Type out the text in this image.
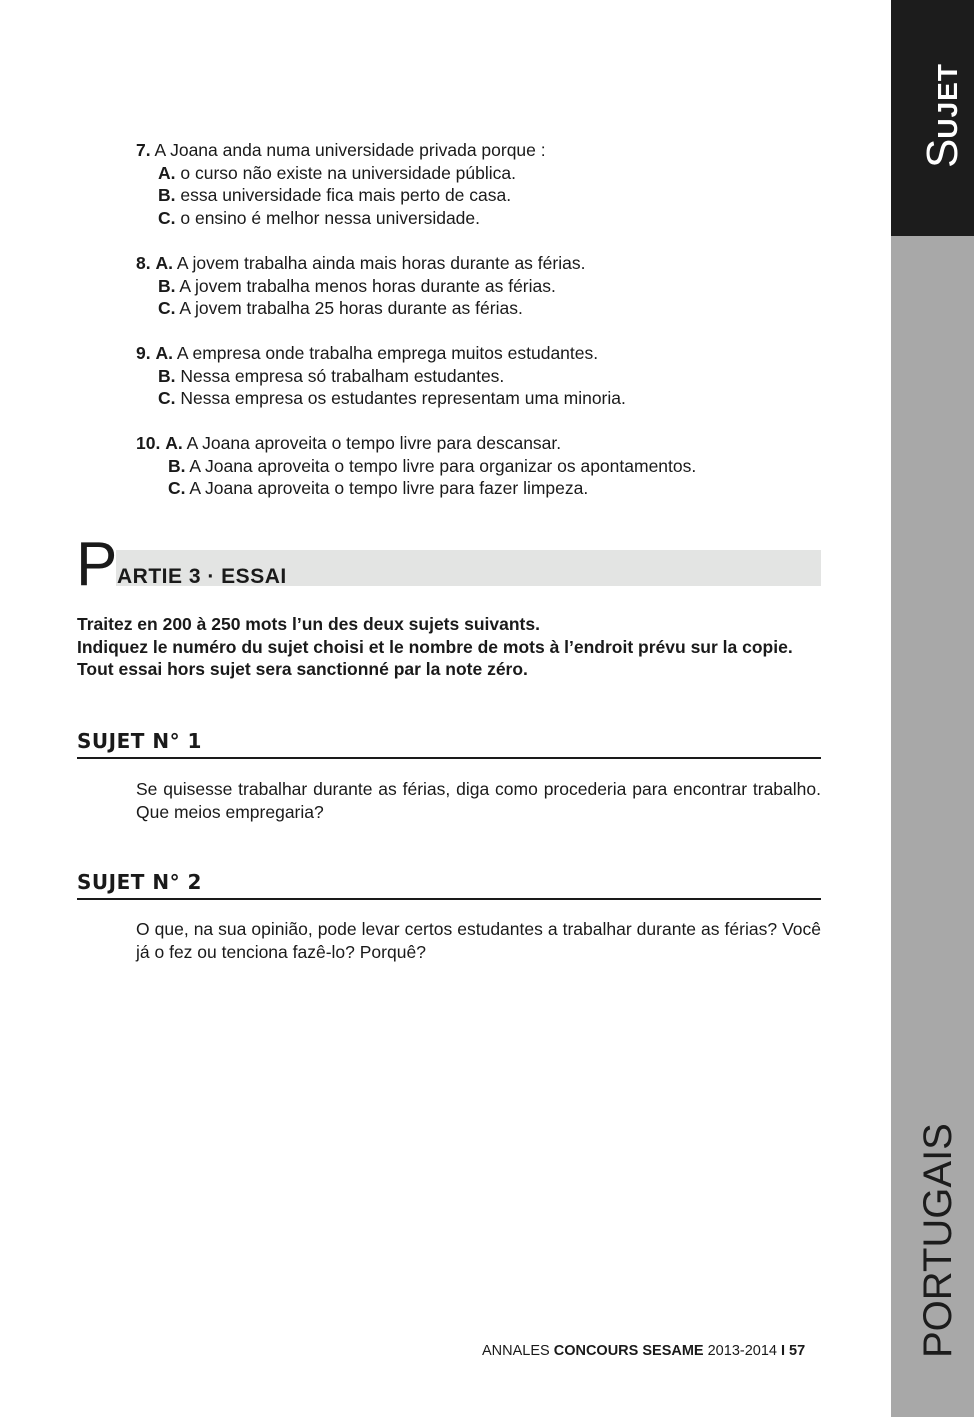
SUJET
PORTUGAIS
7. A Joana anda numa universidade privada porque :
A. o curso não existe na universidade pública.
B. essa universidade fica mais perto de casa.
C. o ensino é melhor nessa universidade.
8. A. A jovem trabalha ainda mais horas durante as férias.
B. A jovem trabalha menos horas durante as férias.
C. A jovem trabalha 25 horas durante as férias.
9. A. A empresa onde trabalha emprega muitos estudantes.
B. Nessa empresa só trabalham estudantes.
C. Nessa empresa os estudantes representam uma minoria.
10. A. A Joana aproveita o tempo livre para descansar.
B. A Joana aproveita o tempo livre para organizar os apontamentos.
C. A Joana aproveita o tempo livre para fazer limpeza.
P ARTIE 3 · ESSAI
Traitez en 200 à 250 mots l’un des deux sujets suivants.
Indiquez le numéro du sujet choisi et le nombre de mots à l’endroit prévu sur la copie.
Tout essai hors sujet sera sanctionné par la note zéro.
SUJET N° 1
Se quisesse trabalhar durante as férias, diga como procederia para encontrar trabalho. Que meios empregaria?
SUJET N° 2
O que, na sua opinião, pode levar certos estudantes a trabalhar durante as férias? Você já o fez ou tenciona fazê-lo? Porquê?
ANNALES CONCOURS SESAME 2013-2014 I 57
